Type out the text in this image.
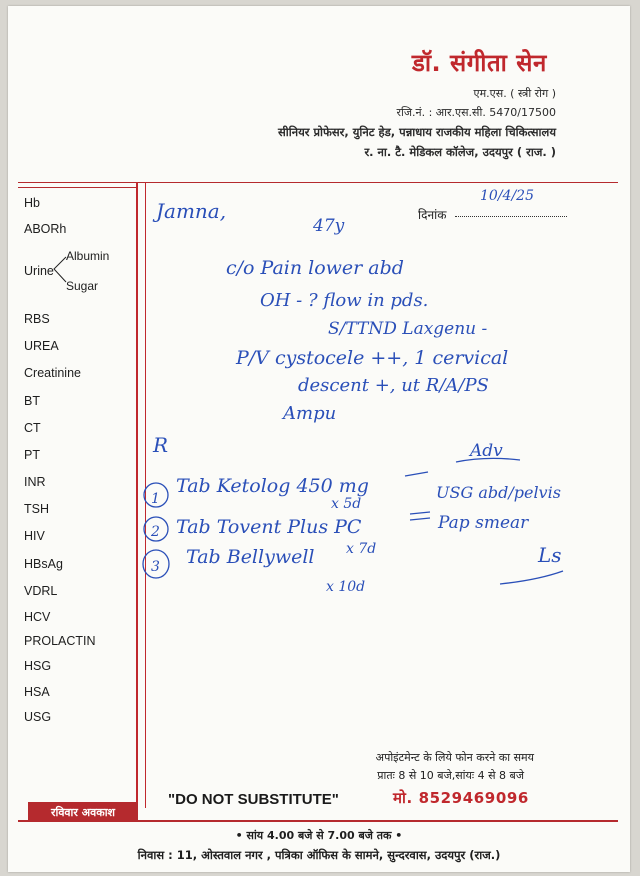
डॉ. संगीता सेन
एम.एस. ( स्त्री रोग )
रजि.नं. : आर.एस.सी. 5470/17500
सीनियर प्रोफेसर, युनिट हेड, पन्नाधाय राजकीय महिला चिकित्सालय
र. ना. टै. मेडिकल कॉलेज, उदयपुर ( राज. )
Hb
ABORh
Urine
Albumin
Sugar
RBS
UREA
Creatinine
BT
CT
PT
INR
TSH
HIV
HBsAg
VDRL
HCV
PROLACTIN
HSG
HSA
USG
दिनांक
Jamna,
47y
10/4/25
c/o Pain lower abd
OH - ? flow in pds.
S/TTND Laxgenu -
P/V cystocele ++, 1 cervical
descent +, ut R/A/PS
Ampu
R
1
Tab Ketolog 450 mg
x 5d
2 Tab Tovent Plus PC
x 7d
3 Tab Bellywell
x 10d
Adv
USG abd/pelvis
Pap smear
Ls
अपोइंटमेन्ट के लिये फोन करने का समय
प्रातः 8 से 10 बजे,सांयः 4 से 8 बजे
"DO NOT SUBSTITUTE"	मो. 8529469096
रविवार अवकाश
• सांय 4.00 बजे से 7.00 बजे तक •
निवास : 11, ओस्तवाल नगर , पत्रिका ऑफिस के सामने, सुन्दरवास, उदयपुर (राज.)
